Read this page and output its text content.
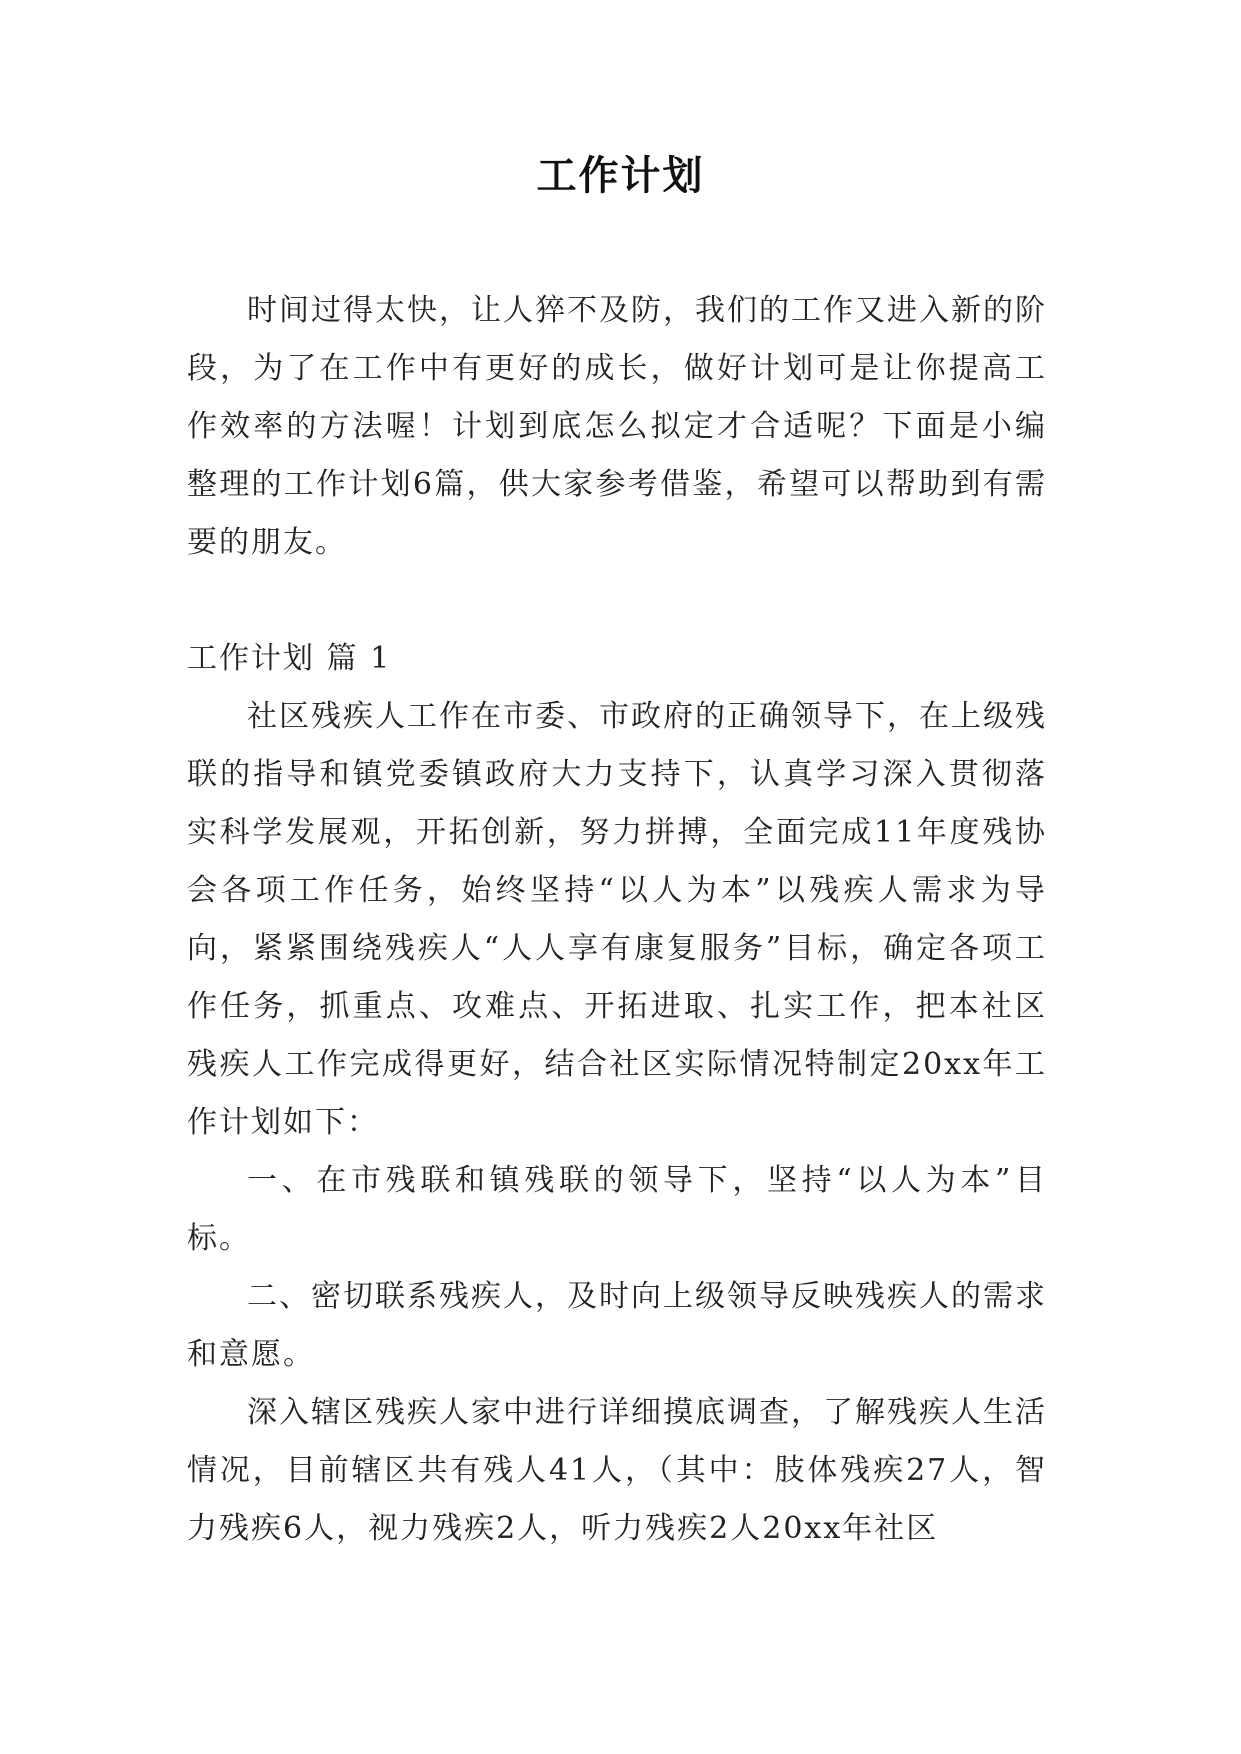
工作计划

时间过得太快，让人猝不及防，我们的工作又进入新的阶段，为了在工作中有更好的成长，做好计划可是让你提高工作效率的方法喔！计划到底怎么拟定才合适呢？下面是小编整理的工作计划6篇，供大家参考借鉴，希望可以帮助到有需要的朋友。

工作计划 篇 1

社区残疾人工作在市委、市政府的正确领导下，在上级残联的指导和镇党委镇政府大力支持下，认真学习深入贯彻落实科学发展观，开拓创新，努力拼搏，全面完成11年度残协会各项工作任务，始终坚持“以人为本”以残疾人需求为导向，紧紧围绕残疾人“人人享有康复服务”目标，确定各项工作任务，抓重点、攻难点、开拓进取、扎实工作，把本社区残疾人工作完成得更好，结合社区实际情况特制定20xx年工作计划如下：

一、在市残联和镇残联的领导下，坚持“以人为本”目标。

二、密切联系残疾人，及时向上级领导反映残疾人的需求和意愿。

深入辖区残疾人家中进行详细摸底调查，了解残疾人生活情况，目前辖区共有残人41人，（其中：肢体残疾27人，智力残疾6人，视力残疾2人，听力残疾2人20xx年社区
